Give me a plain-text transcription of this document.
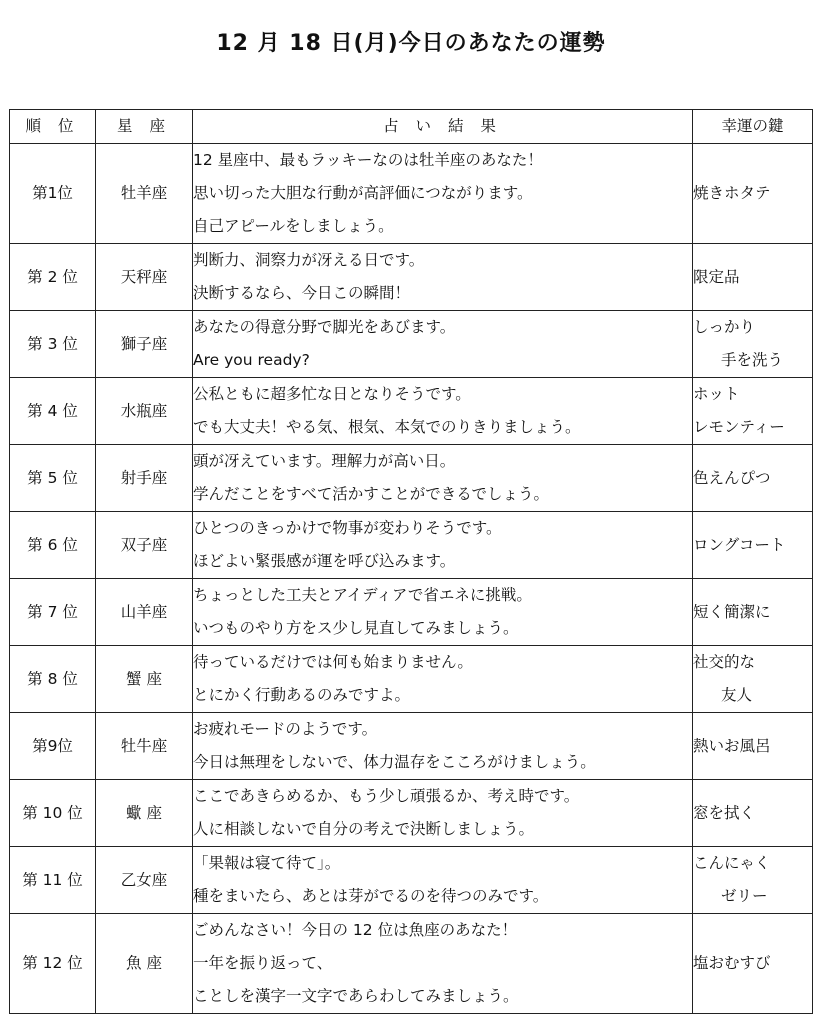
12 月 18 日(月)今日のあなたの運勢
順 位	星 座	占 い 結 果	幸運の鍵
第1位	牡羊座	12 星座中、最もラッキーなのは牡羊座のあなた！
思い切った大胆な行動が高評価につながります。
自己アピールをしましょう。	焼きホタテ

第 2 位	天秤座	判断力、洞察力が冴える日です。
決断するなら、今日この瞬間！	限定品

第 3 位	獅子座	あなたの得意分野で脚光をあびます。
Are you ready?	しっかり
手を洗う

第 4 位	水瓶座	公私ともに超多忙な日となりそうです。
でも大丈夫！やる気、根気、本気でのりきりましょう。	ホット
レモンティー

第 5 位	射手座	頭が冴えています。理解力が高い日。
学んだことをすべて活かすことができるでしょう。	色えんぴつ

第 6 位	双子座	ひとつのきっかけで物事が変わりそうです。
ほどよい緊張感が運を呼び込みます。	ロングコート

第 7 位	山羊座	ちょっとした工夫とアイディアで省エネに挑戦。
いつものやり方をス少し見直してみましょう。	短く簡潔に

第 8 位	蟹 座	待っているだけでは何も始まりません。
とにかく行動あるのみですよ。	社交的な
友人

第9位	牡牛座	お疲れモードのようです。
今日は無理をしないで、体力温存をこころがけましょう。	熱いお風呂

第 10 位	蠍 座	ここであきらめるか、もう少し頑張るか、考え時です。
人に相談しないで自分の考えで決断しましょう。	窓を拭く

第 11 位	乙女座	「果報は寝て待て」。
種をまいたら、あとは芽がでるのを待つのみです。	こんにゃく
ゼリー

第 12 位	魚 座	ごめんなさい！今日の 12 位は魚座のあなた！
一年を振り返って、
ことしを漢字一文字であらわしてみましょう。	塩おむすび
